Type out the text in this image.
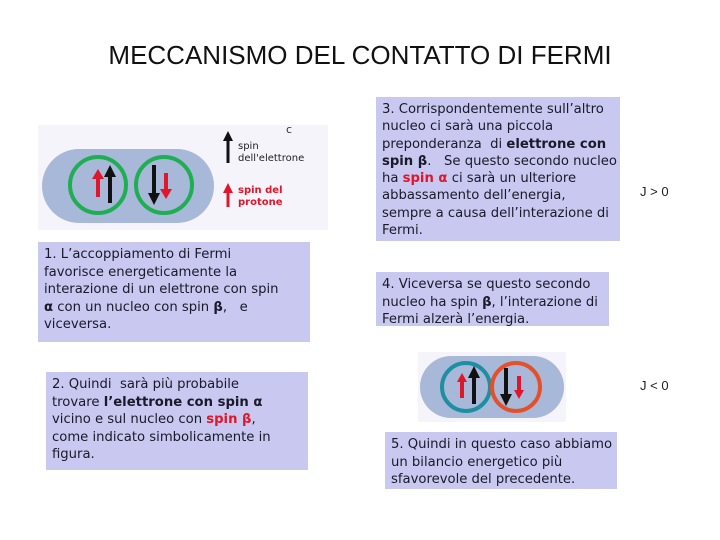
MECCANISMO DEL CONTATTO DI FERMI
c
spin
dell'elettrone
spin del
protone
1. L’accoppiamento di Fermi
favorisce energeticamente la
interazione di un elettrone con spin
α con un nucleo con spin β,   e
viceversa.
2. Quindi  sarà più probabile
trovare l’elettrone con spin α
vicino e sul nucleo con spin β,
come indicato simbolicamente in
figura.
3. Corrispondentemente sull’altro
nucleo ci sarà una piccola
preponderanza  di elettrone con
spin β.   Se questo secondo nucleo
ha spin α ci sarà un ulteriore
abbassamento dell’energia,
sempre a causa dell’interazione di
Fermi.
J > 0
4. Viceversa se questo secondo
nucleo ha spin β, l’interazione di
Fermi alzerà l’energia.
J < 0
5. Quindi in questo caso abbiamo
un bilancio energetico più
sfavorevole del precedente.
